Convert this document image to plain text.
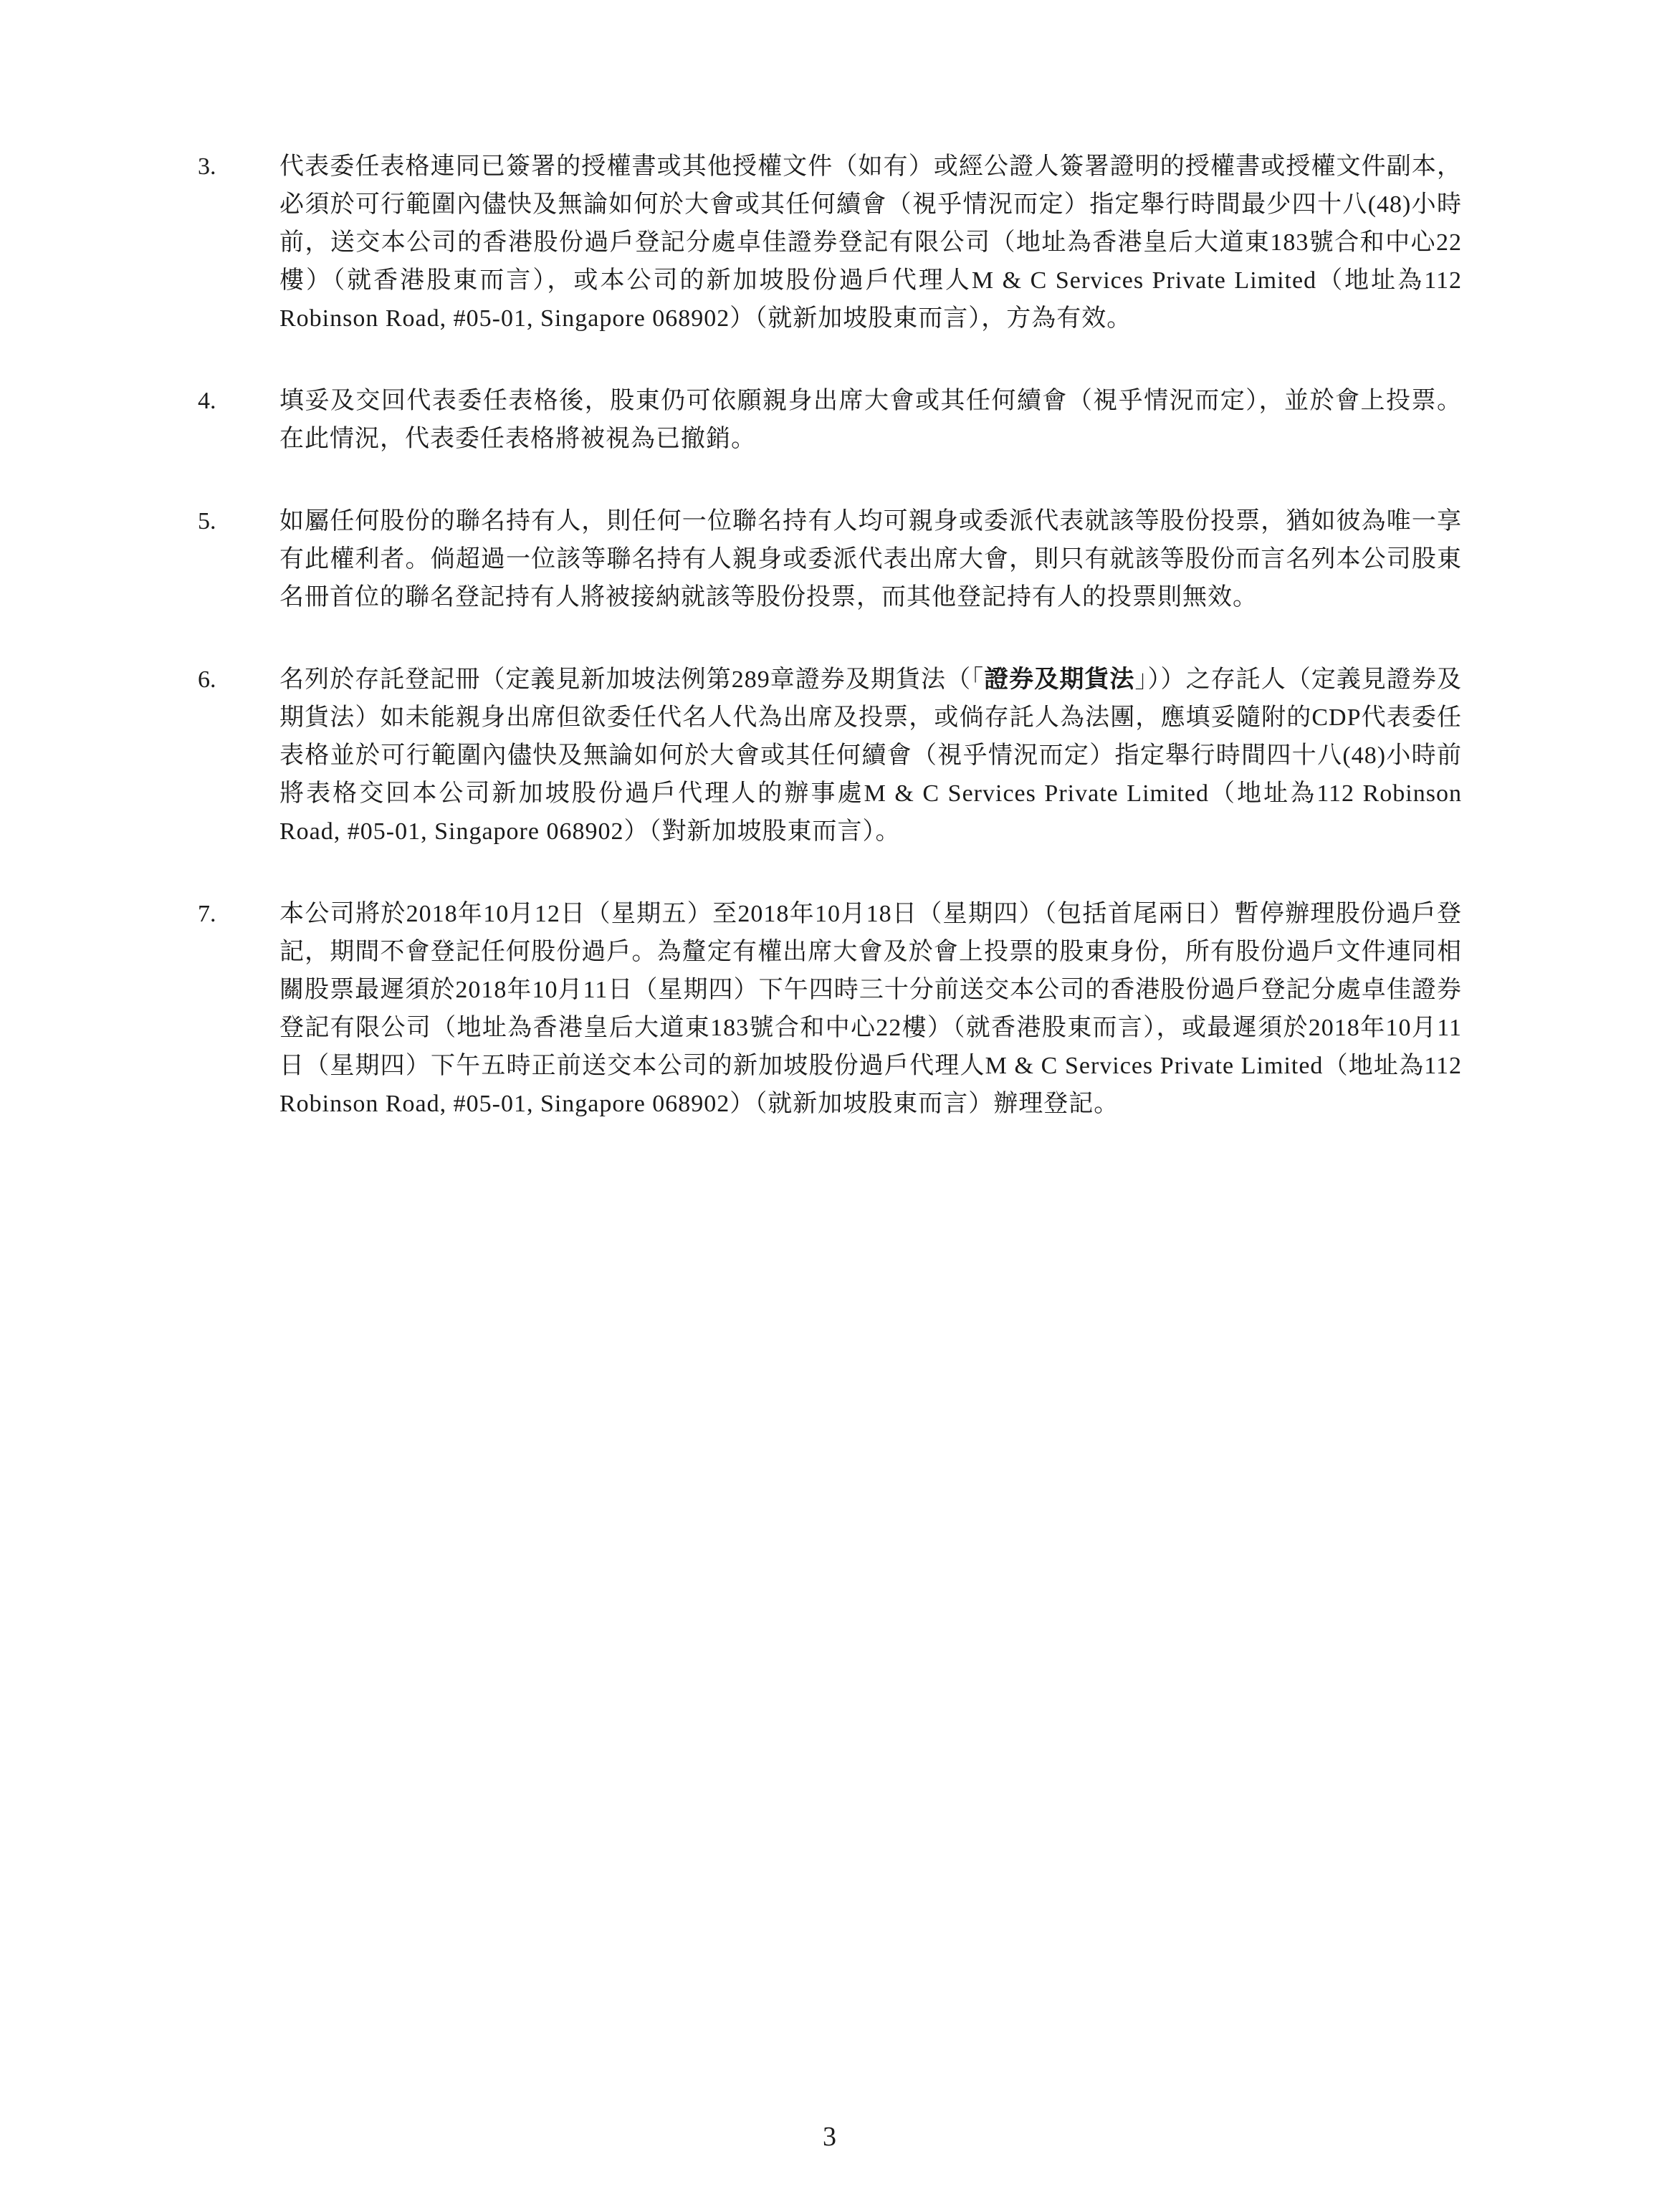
3.	代表委任表格連同已簽署的授權書或其他授權文件（如有）或經公證人簽署證明的授權書或授權文件副本，必須於可行範圍內儘快及無論如何於大會或其任何續會（視乎情況而定）指定舉行時間最少四十八(48)小時前，送交本公司的香港股份過戶登記分處卓佳證券登記有限公司（地址為香港皇后大道東183號合和中心22樓）（就香港股東而言），或本公司的新加坡股份過戶代理人M & C Services Private Limited（地址為112 Robinson Road, #05-01, Singapore 068902）（就新加坡股東而言），方為有效。
4.	填妥及交回代表委任表格後，股東仍可依願親身出席大會或其任何續會（視乎情況而定），並於會上投票。在此情況，代表委任表格將被視為已撤銷。
5.	如屬任何股份的聯名持有人，則任何一位聯名持有人均可親身或委派代表就該等股份投票，猶如彼為唯一享有此權利者。倘超過一位該等聯名持有人親身或委派代表出席大會，則只有就該等股份而言名列本公司股東名冊首位的聯名登記持有人將被接納就該等股份投票，而其他登記持有人的投票則無效。
6.	名列於存託登記冊（定義見新加坡法例第289章證券及期貨法（「證券及期貨法」））之存託人（定義見證券及期貨法）如未能親身出席但欲委任代名人代為出席及投票，或倘存託人為法團，應填妥隨附的CDP代表委任表格並於可行範圍內儘快及無論如何於大會或其任何續會（視乎情況而定）指定舉行時間四十八(48)小時前將表格交回本公司新加坡股份過戶代理人的辦事處M & C Services Private Limited（地址為112 Robinson Road, #05-01, Singapore 068902）（對新加坡股東而言）。
7.	本公司將於2018年10月12日（星期五）至2018年10月18日（星期四）（包括首尾兩日）暫停辦理股份過戶登記，期間不會登記任何股份過戶。為釐定有權出席大會及於會上投票的股東身份，所有股份過戶文件連同相關股票最遲須於2018年10月11日（星期四）下午四時三十分前送交本公司的香港股份過戶登記分處卓佳證券登記有限公司（地址為香港皇后大道東183號合和中心22樓）（就香港股東而言），或最遲須於2018年10月11日（星期四）下午五時正前送交本公司的新加坡股份過戶代理人M & C Services Private Limited（地址為112 Robinson Road, #05-01, Singapore 068902）（就新加坡股東而言）辦理登記。
3
